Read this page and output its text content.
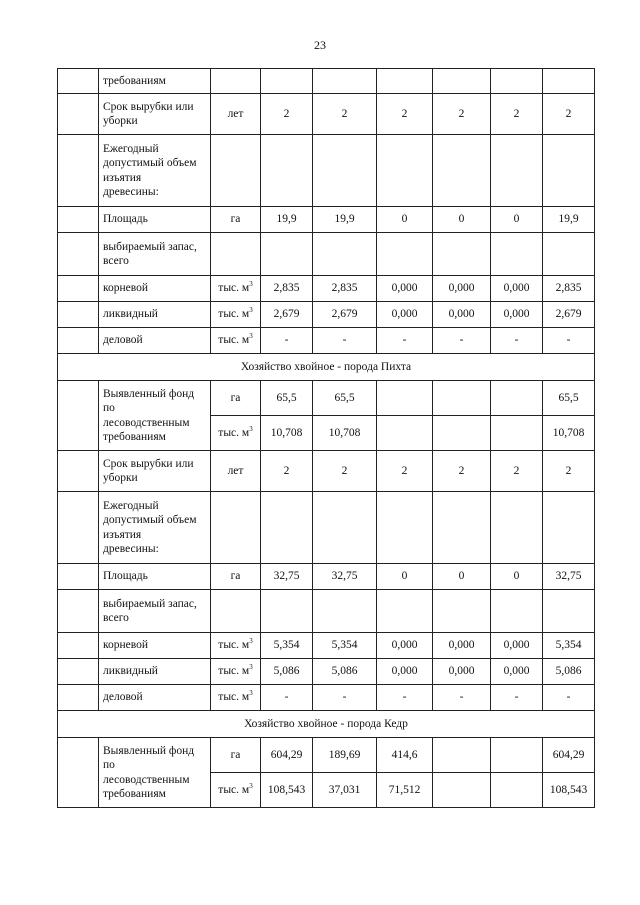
23

	требованиям							

	Срок вырубки или
уборки	лет	2	2	2	2	2	2

	Ежегодный
допустимый объем
изъятия
древесины:							

	Площадь	га	19,9	19,9	0	0	0	19,9

	выбираемый запас,
всего							

	корневой	тыс. $м^3$	2,835	2,835	0,000	0,000	0,000	2,835

	ликвидный	тыс. $м^3$	2,679	2,679	0,000	0,000	0,000	2,679

	деловой	тыс. $м^3$	-	-	-	-	-	-
Хозяйство хвойное - порода Пихта								

	Выявленный фонд
по
лесоводственным
требованиям	га	65,5	65,5				65,5
		тыс. $м^3$	10,708	10,708				10,708

	Срок вырубки или
уборки	лет	2	2	2	2	2	2

	Ежегодный
допустимый объем
изъятия
древесины:							

	Площадь	га	32,75	32,75	0	0	0	32,75

	выбираемый запас,
всего							

	корневой	тыс. $м^3$	5,354	5,354	0,000	0,000	0,000	5,354

	ликвидный	тыс. $м^3$	5,086	5,086	0,000	0,000	0,000	5,086

	деловой	тыс. $м^3$	-	-	-	-	-	-
Хозяйство хвойное - порода Кедр								

	Выявленный фонд
по
лесоводственным
требованиям	га	604,29	189,69	414,6			604,29
		тыс. $м^3$	108,543	37,031	71,512			108,543
